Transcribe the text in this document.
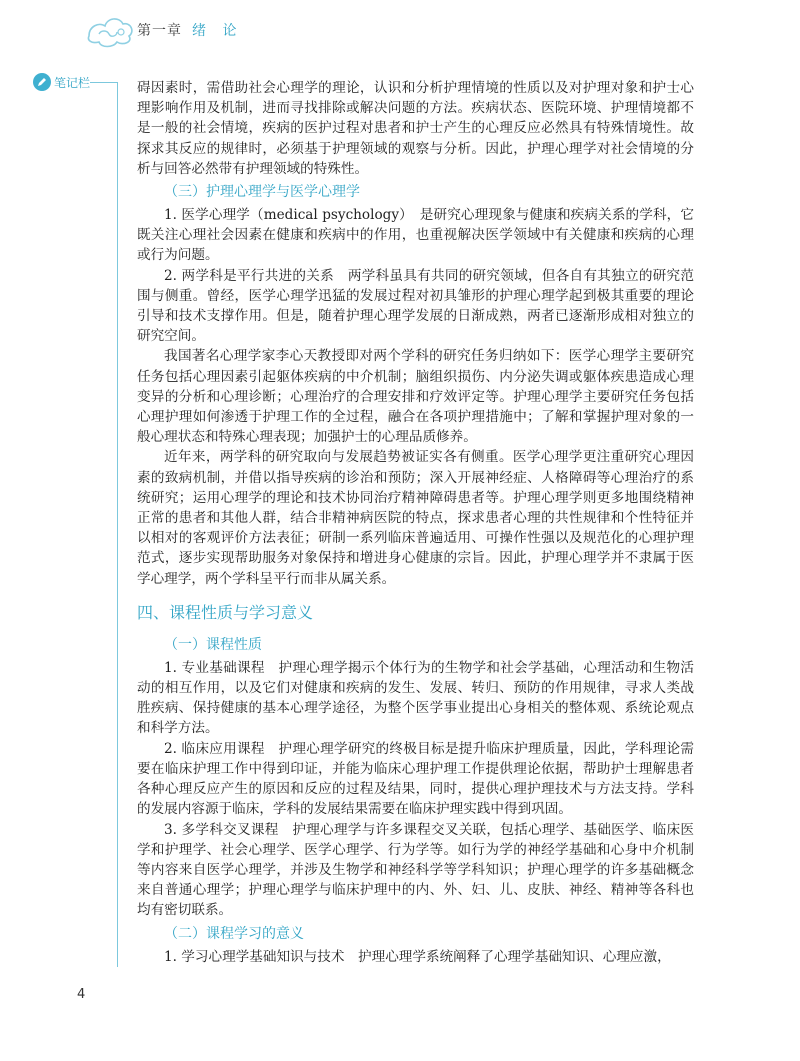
第一章 绪 论
笔记栏	碍因素时，需借助社会心理学的理论，认识和分析护理情境的性质以及对护理对象和护士心理影响作用及机制，进而寻找排除或解决问题的方法。疾病状态、医院环境、护理情境都不是一般的社会情境，疾病的医护过程对患者和护士产生的心理反应必然具有特殊情境性。故探求其反应的规律时，必须基于护理领域的观察与分析。因此，护理心理学对社会情境的分析与回答必然带有护理领域的特殊性。

（三）护理心理学与医学心理学

1. 医学心理学（medical psychology）　是研究心理现象与健康和疾病关系的学科，它既关注心理社会因素在健康和疾病中的作用，也重视解决医学领域中有关健康和疾病的心理或行为问题。

2. 两学科是平行共进的关系　两学科虽具有共同的研究领域，但各自有其独立的研究范围与侧重。曾经，医学心理学迅猛的发展过程对初具雏形的护理心理学起到极其重要的理论引导和技术支撑作用。但是，随着护理心理学发展的日渐成熟，两者已逐渐形成相对独立的研究空间。

我国著名心理学家李心天教授即对两个学科的研究任务归纳如下：医学心理学主要研究任务包括心理因素引起躯体疾病的中介机制；脑组织损伤、内分泌失调或躯体疾患造成心理变异的分析和心理诊断；心理治疗的合理安排和疗效评定等。护理心理学主要研究任务包括心理护理如何渗透于护理工作的全过程，融合在各项护理措施中；了解和掌握护理对象的一般心理状态和特殊心理表现；加强护士的心理品质修养。

近年来，两学科的研究取向与发展趋势被证实各有侧重。医学心理学更注重研究心理因素的致病机制，并借以指导疾病的诊治和预防；深入开展神经症、人格障碍等心理治疗的系统研究；运用心理学的理论和技术协同治疗精神障碍患者等。护理心理学则更多地围绕精神正常的患者和其他人群，结合非精神病医院的特点，探求患者心理的共性规律和个性特征并以相对的客观评价方法表征；研制一系列临床普遍适用、可操作性强以及规范化的心理护理范式，逐步实现帮助服务对象保持和增进身心健康的宗旨。因此，护理心理学并不隶属于医学心理学，两个学科呈平行而非从属关系。

四、课程性质与学习意义
（一）课程性质

1. 专业基础课程　护理心理学揭示个体行为的生物学和社会学基础，心理活动和生物活动的相互作用，以及它们对健康和疾病的发生、发展、转归、预防的作用规律，寻求人类战胜疾病、保持健康的基本心理学途径，为整个医学事业提出心身相关的整体观、系统论观点和科学方法。

2. 临床应用课程　护理心理学研究的终极目标是提升临床护理质量，因此，学科理论需要在临床护理工作中得到印证，并能为临床心理护理工作提供理论依据，帮助护士理解患者各种心理反应产生的原因和反应的过程及结果，同时，提供心理护理技术与方法支持。学科的发展内容源于临床，学科的发展结果需要在临床护理实践中得到巩固。

3. 多学科交叉课程　护理心理学与许多课程交叉关联，包括心理学、基础医学、临床医学和护理学、社会心理学、医学心理学、行为学等。如行为学的神经学基础和心身中介机制等内容来自医学心理学，并涉及生物学和神经科学等学科知识；护理心理学的许多基础概念来自普通心理学；护理心理学与临床护理中的内、外、妇、儿、皮肤、神经、精神等各科也均有密切联系。

（二）课程学习的意义

1. 学习心理学基础知识与技术　护理心理学系统阐释了心理学基础知识、心理应激，

4
